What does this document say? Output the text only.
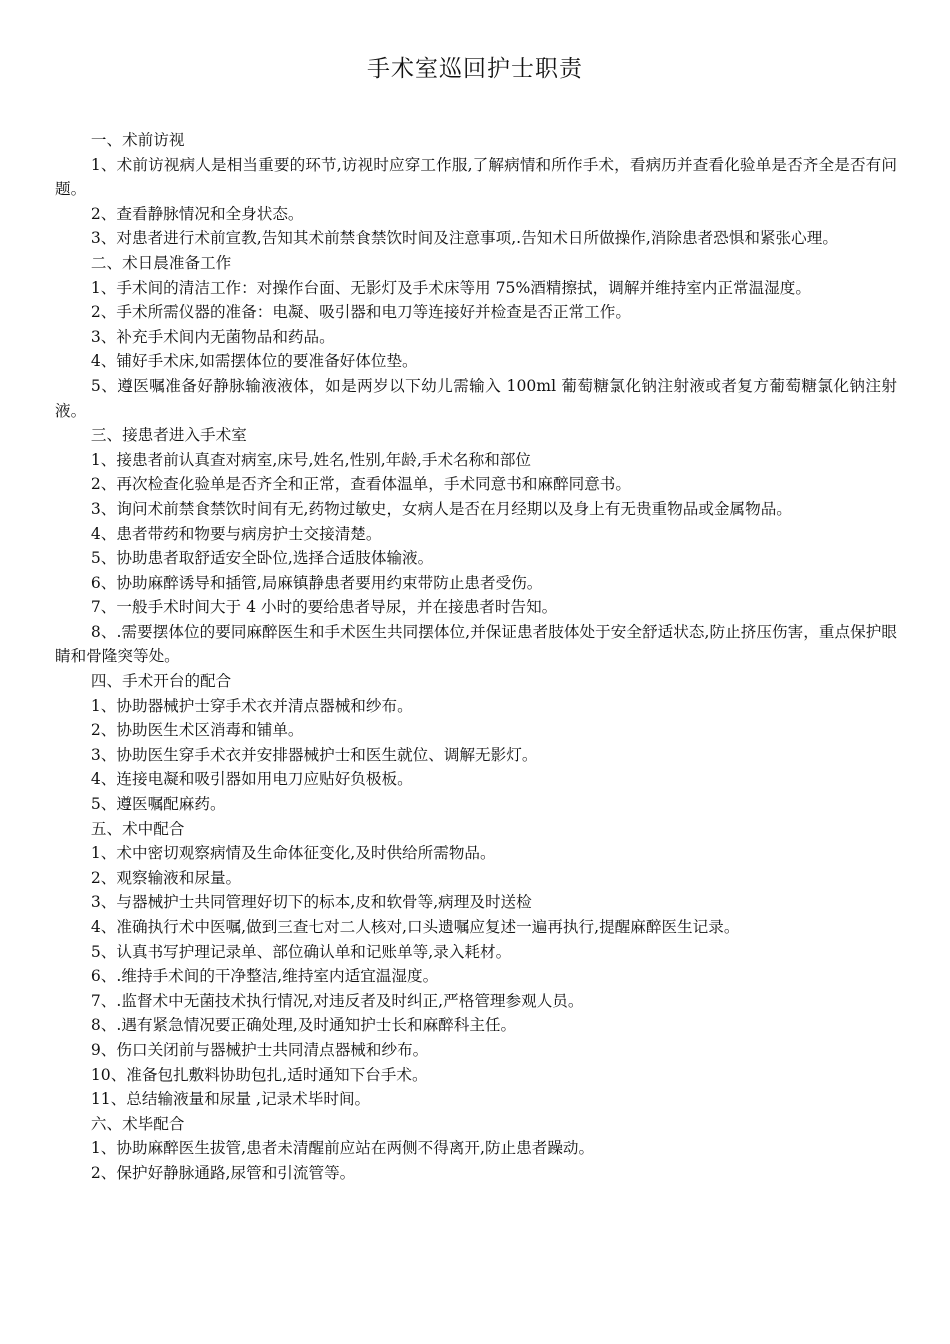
手术室巡回护士职责

一、术前访视

1、术前访视病人是相当重要的环节,访视时应穿工作服,了解病情和所作手术，看病历并查看化验单是否齐全是否有问题。

2、查看静脉情况和全身状态。

3、对患者进行术前宣教,告知其术前禁食禁饮时间及注意事项,.告知术日所做操作,消除患者恐惧和紧张心理。

二、术日晨准备工作

1、手术间的清洁工作：对操作台面、无影灯及手术床等用 75%酒精擦拭，调解并维持室内正常温湿度。

2、手术所需仪器的准备：电凝、吸引器和电刀等连接好并检查是否正常工作。

3、补充手术间内无菌物品和药品。

4、铺好手术床,如需摆体位的要准备好体位垫。

5、遵医嘱准备好静脉输液液体，如是两岁以下幼儿需输入 100ml 葡萄糖氯化钠注射液或者复方葡萄糖氯化钠注射液。

三、接患者进入手术室

1、接患者前认真查对病室,床号,姓名,性别,年龄,手术名称和部位

2、再次检查化验单是否齐全和正常，查看体温单，手术同意书和麻醉同意书。

3、询问术前禁食禁饮时间有无,药物过敏史，女病人是否在月经期以及身上有无贵重物品或金属物品。

4、患者带药和物要与病房护士交接清楚。

5、协助患者取舒适安全卧位,选择合适肢体输液。

6、协助麻醉诱导和插管,局麻镇静患者要用约束带防止患者受伤。

7、一般手术时间大于 4 小时的要给患者导尿，并在接患者时告知。

8、.需要摆体位的要同麻醉医生和手术医生共同摆体位,并保证患者肢体处于安全舒适状态,防止挤压伤害，重点保护眼睛和骨隆突等处。

四、手术开台的配合

1、协助器械护士穿手术衣并清点器械和纱布。

2、协助医生术区消毒和铺单。

3、协助医生穿手术衣并安排器械护士和医生就位、调解无影灯。

4、连接电凝和吸引器如用电刀应贴好负极板。

5、遵医嘱配麻药。

五、术中配合

1、术中密切观察病情及生命体征变化,及时供给所需物品。

2、观察输液和尿量。

3、与器械护士共同管理好切下的标本,皮和软骨等,病理及时送检

4、准确执行术中医嘱,做到三查七对二人核对,口头遗嘱应复述一遍再执行,提醒麻醉医生记录。

5、认真书写护理记录单、部位确认单和记账单等,录入耗材。

6、.维持手术间的干净整洁,维持室内适宜温湿度。

7、.监督术中无菌技术执行情况,对违反者及时纠正,严格管理参观人员。

8、.遇有紧急情况要正确处理,及时通知护士长和麻醉科主任。

9、伤口关闭前与器械护士共同清点器械和纱布。

10、准备包扎敷料协助包扎,适时通知下台手术。

11、总结输液量和尿量 ,记录术毕时间。

六、术毕配合

1、协助麻醉医生拔管,患者未清醒前应站在两侧不得离开,防止患者躁动。

2、保护好静脉通路,尿管和引流管等。
